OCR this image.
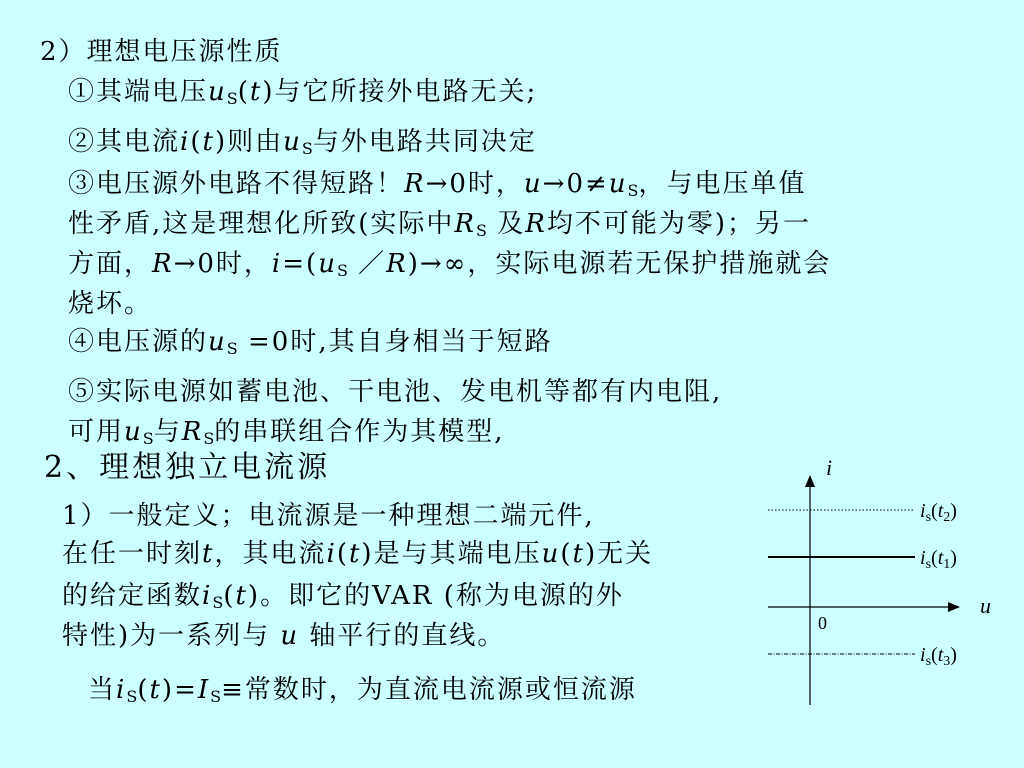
2）理想电压源性质
①其端电压$u_S(t)$与它所接外电路无关;
②其电流i(t)则由$u_S$与外电路共同决定
③电压源外电路不得短路！R→0时，$u\to 0\ne u_S$，与电压单值
性矛盾,这是理想化所致(实际中$R_S$ 及R均不可能为零)；另一
方面，R→0时，$i=(u_S$ ／R)→∞，实际电源若无保护措施就会
烧坏。
④电压源的$u_S =0$时,其自身相当于短路
⑤实际电源如蓄电池、干电池、发电机等都有内电阻,
可用$u_S$与$R_S$的串联组合作为其模型,
2、理想独立电流源
1）一般定义；电流源是一种理想二端元件,
在任一时刻t，其电流i(t)是与其端电压u(t)无关
的给定函数$i_S(t)$。即它的VAR (称为电源的外
特性)为一系列与 u 轴平行的直线。
当$i_S(t)=I_S\equiv$常数时，为直流电流源或恒流源
i
u
0
$i_s(t_2)$
$i_s(t_1)$
$i_s(t_3)$
